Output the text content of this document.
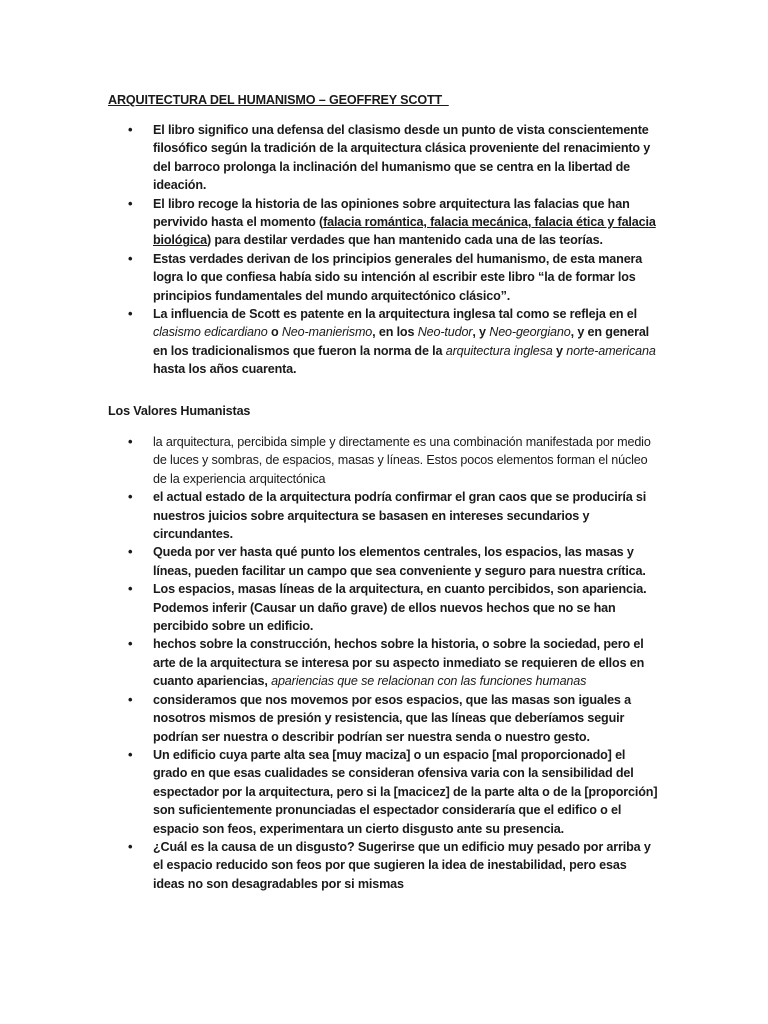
ARQUITECTURA DEL HUMANISMO – GEOFFREY SCOTT
• El libro significo una defensa del clasismo desde un punto de vista conscientemente filosófico según la tradición de la arquitectura clásica proveniente del renacimiento y del barroco prolonga la inclinación del humanismo que se centra en la libertad de ideación.
• El libro recoge la historia de las opiniones sobre arquitectura las falacias que han pervivido hasta el momento (falacia romántica, falacia mecánica, falacia ética y falacia biológica) para destilar verdades que han mantenido cada una de las teorías.
• Estas verdades derivan de los principios generales del humanismo, de esta manera logra lo que confiesa había sido su intención al escribir este libro “la de formar los principios fundamentales del mundo arquitectónico clásico”.
• La influencia de Scott es patente en la arquitectura inglesa tal como se refleja en el clasismo edicardiano o Neo-manierismo, en los Neo-tudor, y Neo-georgiano, y en general en los tradicionalismos que fueron la norma de la arquitectura inglesa y norte-americana hasta los años cuarenta.
Los Valores Humanistas
• la arquitectura, percibida simple y directamente es una combinación manifestada por medio de luces y sombras, de espacios, masas y líneas. Estos pocos elementos forman el núcleo de la experiencia arquitectónica
• el actual estado de la arquitectura podría confirmar el gran caos que se produciría si nuestros juicios sobre arquitectura se basasen en intereses secundarios y circundantes.
• Queda por ver hasta qué punto los elementos centrales, los espacios, las masas y líneas, pueden facilitar un campo que sea conveniente y seguro para nuestra crítica.
• Los espacios, masas líneas de la arquitectura, en cuanto percibidos, son apariencia. Podemos inferir (Causar un daño grave) de ellos nuevos hechos que no se han percibido sobre un edificio.
• hechos sobre la construcción, hechos sobre la historia, o sobre la sociedad, pero el arte de la arquitectura se interesa por su aspecto inmediato se requieren de ellos en cuanto apariencias, apariencias que se relacionan con las funciones humanas
• consideramos que nos movemos por esos espacios, que las masas son iguales a nosotros mismos de presión y resistencia, que las líneas que deberíamos seguir podrían ser nuestra o describir podrían ser nuestra senda o nuestro gesto.
• Un edificio cuya parte alta sea [muy maciza] o un espacio [mal proporcionado] el grado en que esas cualidades se consideran ofensiva varia con la sensibilidad del espectador por la arquitectura, pero si la [macicez] de la parte alta o de la [proporción] son suficientemente pronunciadas el espectador consideraría que el edifico o el espacio son feos, experimentara un cierto disgusto ante su presencia.
• ¿Cuál es la causa de un disgusto? Sugerirse que un edificio muy pesado por arriba y el espacio reducido son feos por que sugieren la idea de inestabilidad, pero esas ideas no son desagradables por si mismas
